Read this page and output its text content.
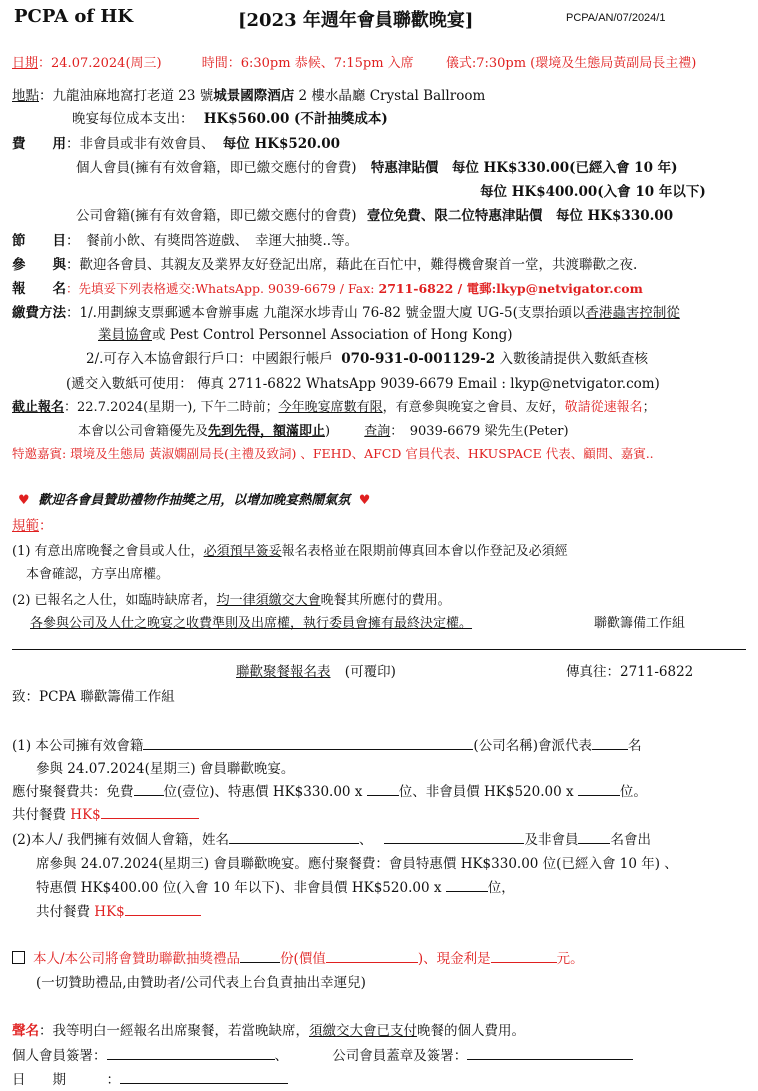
PCPA of HK	[2023 年週年會員聯歡晚宴]	PCPA/AN/07/2024/1
日期：24.07.2024(周三)	時間：6:30pm 恭候、7:15pm 入席 儀式:7:30pm (環境及生態局黃副局長主禮)
地點：九龍油麻地窩打老道 23 號城景國際酒店 2 樓水晶廳 Crystal Ballroom
晚宴每位成本支出： HK$560.00 (不計抽獎成本)
費　　用：非會員或非有效會員、 每位 HK$520.00
個人會員(擁有有效會籍，即已繳交應付的會費) 特惠津貼價　每位 HK$330.00(已經入會 10 年)
每位 HK$400.00(入會 10 年以下)
公司會籍(擁有有效會籍，即已繳交應付的會費) 壹位免費、限二位特惠津貼價　每位 HK$330.00
節　　目：　餐前小飲、有獎問答遊戲、　幸運大抽獎..等。
參　　與：歡迎各會員、其親友及業界友好登記出席，藉此在百忙中，難得機會聚首一堂，共渡聯歡之夜.
報　　名：先填妥下列表格遞交:WhatsApp. 9039-6679 / Fax: 2711-6822 / 電郵:lkyp@netvigator.com
繳費方法：1/.用劃線支票郵遞本會辦事處 九龍深水埗青山 76-82 號金盟大廈 UG-5(支票抬頭以香港蟲害控制從
業員協會或 Pest Control Personnel Association of Hong Kong)
2/.可存入本協會銀行戶口：中國銀行帳戶 070-931-0-001129-2 入數後請提供入數紙查核
(遞交入數紙可使用： 傳真 2711-6822 WhatsApp 9039-6679 Email : lkyp@netvigator.com)
截止報名：22.7.2024(星期一), 下午二時前；今年晚宴席數有限，有意參與晚宴之會員、友好，敬請從速報名；
本會以公司會籍優先及先到先得，額滿即止)	查詢：　9039-6679 梁先生(Peter)
特邀嘉賓: 環境及生態局 黃淑嫻副局長(主禮及致詞) 、FEHD、AFCD 官員代表、HKUSPACE 代表、顧問、嘉賓..
♥ 歡迎各會員贊助禮物作抽獎之用，以增加晚宴熱鬧氣氛 ♥
規範：
(1) 有意出席晚餐之會員或人仕，必須預早簽妥報名表格並在限期前傳真回本會以作登記及必須經
本會確認，方享出席權。
(2) 已報名之人仕，如臨時缺席者，均一律須繳交大會晚餐其所應付的費用。
各參與公司及人仕之晚宴之收費準則及出席權，執行委員會擁有最終決定權。	聯歡籌備工作組
聯歡聚餐報名表 (可覆印)	傳真往：2711-6822
致：PCPA 聯歡籌備工作組
(1) 本公司擁有效會籍	(公司名稱)會派代表	名
參與 24.07.2024(星期三) 會員聯歡晚宴。
應付聚餐費共：免費 位(壹位)、特惠價 HK$330.00 x 位、非會員價 HK$520.00 x	位。
共付餐費 HK$
(2)本人/ 我們擁有效個人會籍，姓名	、	及非會員 名會出
席參與 24.07.2024(星期三) 會員聯歡晚宴。應付聚餐費：會員特惠價 HK$330.00 位(已經入會 10 年) 、
特惠價 HK$400.00 位(入會 10 年以下)、非會員價 HK$520.00 x	位，
共付餐費 HK$
本人/本公司將會贊助聯歡抽獎禮品	份(價值	)、現金利是	元。
(一切贊助禮品,由贊助者/公司代表上台負責抽出幸運兒)
聲名：我等明白一經報名出席聚餐，若當晚缺席，須繳交大會已支付晚餐的個人費用。
個人會員簽署：	、	公司會員蓋章及簽署：
日　　期　　　：
